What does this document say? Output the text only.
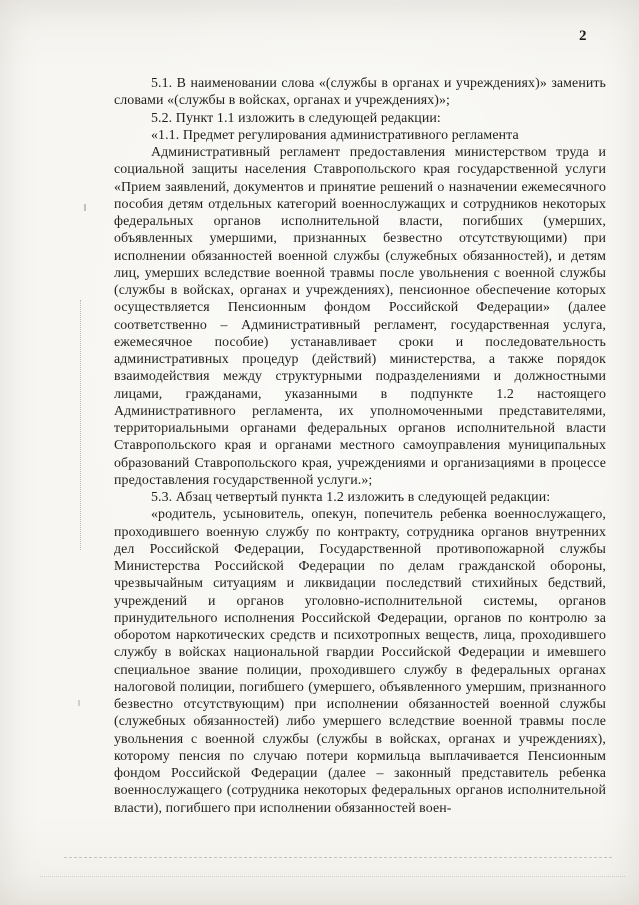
2

5.1. В наименовании слова «(службы в органах и учреждениях)» заменить словами «(службы в войсках, органах и учреждениях)»;

5.2. Пункт 1.1 изложить в следующей редакции:

«1.1. Предмет регулирования административного регламента

Административный регламент предоставления министерством труда и социальной защиты населения Ставропольского края государственной услуги «Прием заявлений, документов и принятие решений о назначении ежемесячного пособия детям отдельных категорий военнослужащих и сотрудников некоторых федеральных органов исполнительной власти, погибших (умерших, объявленных умершими, признанных безвестно отсутствующими) при исполнении обязанностей военной службы (служебных обязанностей), и детям лиц, умерших вследствие военной травмы после увольнения с военной службы (службы в войсках, органах и учреждениях), пенсионное обеспечение которых осуществляется Пенсионным фондом Российской Федерации» (далее соответственно – Административный регламент, государственная услуга, ежемесячное пособие) устанавливает сроки и последовательность административных процедур (действий) министерства, а также порядок взаимодействия между структурными подразделениями и должностными лицами, гражданами, указанными в подпункте 1.2 настоящего Административного регламента, их уполномоченными представителями, территориальными органами федеральных органов исполнительной власти Ставропольского края и органами местного самоуправления муниципальных образований Ставропольского края, учреждениями и организациями в процессе предоставления государственной услуги.»;

5.3. Абзац четвертый пункта 1.2 изложить в следующей редакции:

«родитель, усыновитель, опекун, попечитель ребенка военнослужащего, проходившего военную службу по контракту, сотрудника органов внутренних дел Российской Федерации, Государственной противопожарной службы Министерства Российской Федерации по делам гражданской обороны, чрезвычайным ситуациям и ликвидации последствий стихийных бедствий, учреждений и органов уголовно-исполнительной системы, органов принудительного исполнения Российской Федерации, органов по контролю за оборотом наркотических средств и психотропных веществ, лица, проходившего службу в войсках национальной гвардии Российской Федерации и имевшего специальное звание полиции, проходившего службу в федеральных органах налоговой полиции, погибшего (умершего, объявленного умершим, признанного безвестно отсутствующим) при исполнении обязанностей военной службы (служебных обязанностей) либо умершего вследствие военной травмы после увольнения с военной службы (службы в войсках, органах и учреждениях), которому пенсия по случаю потери кормильца выплачивается Пенсионным фондом Российской Федерации (далее – законный представитель ребенка военнослужащего (сотрудника некоторых федеральных органов исполнительной власти), погибшего при исполнении обязанностей воен-
